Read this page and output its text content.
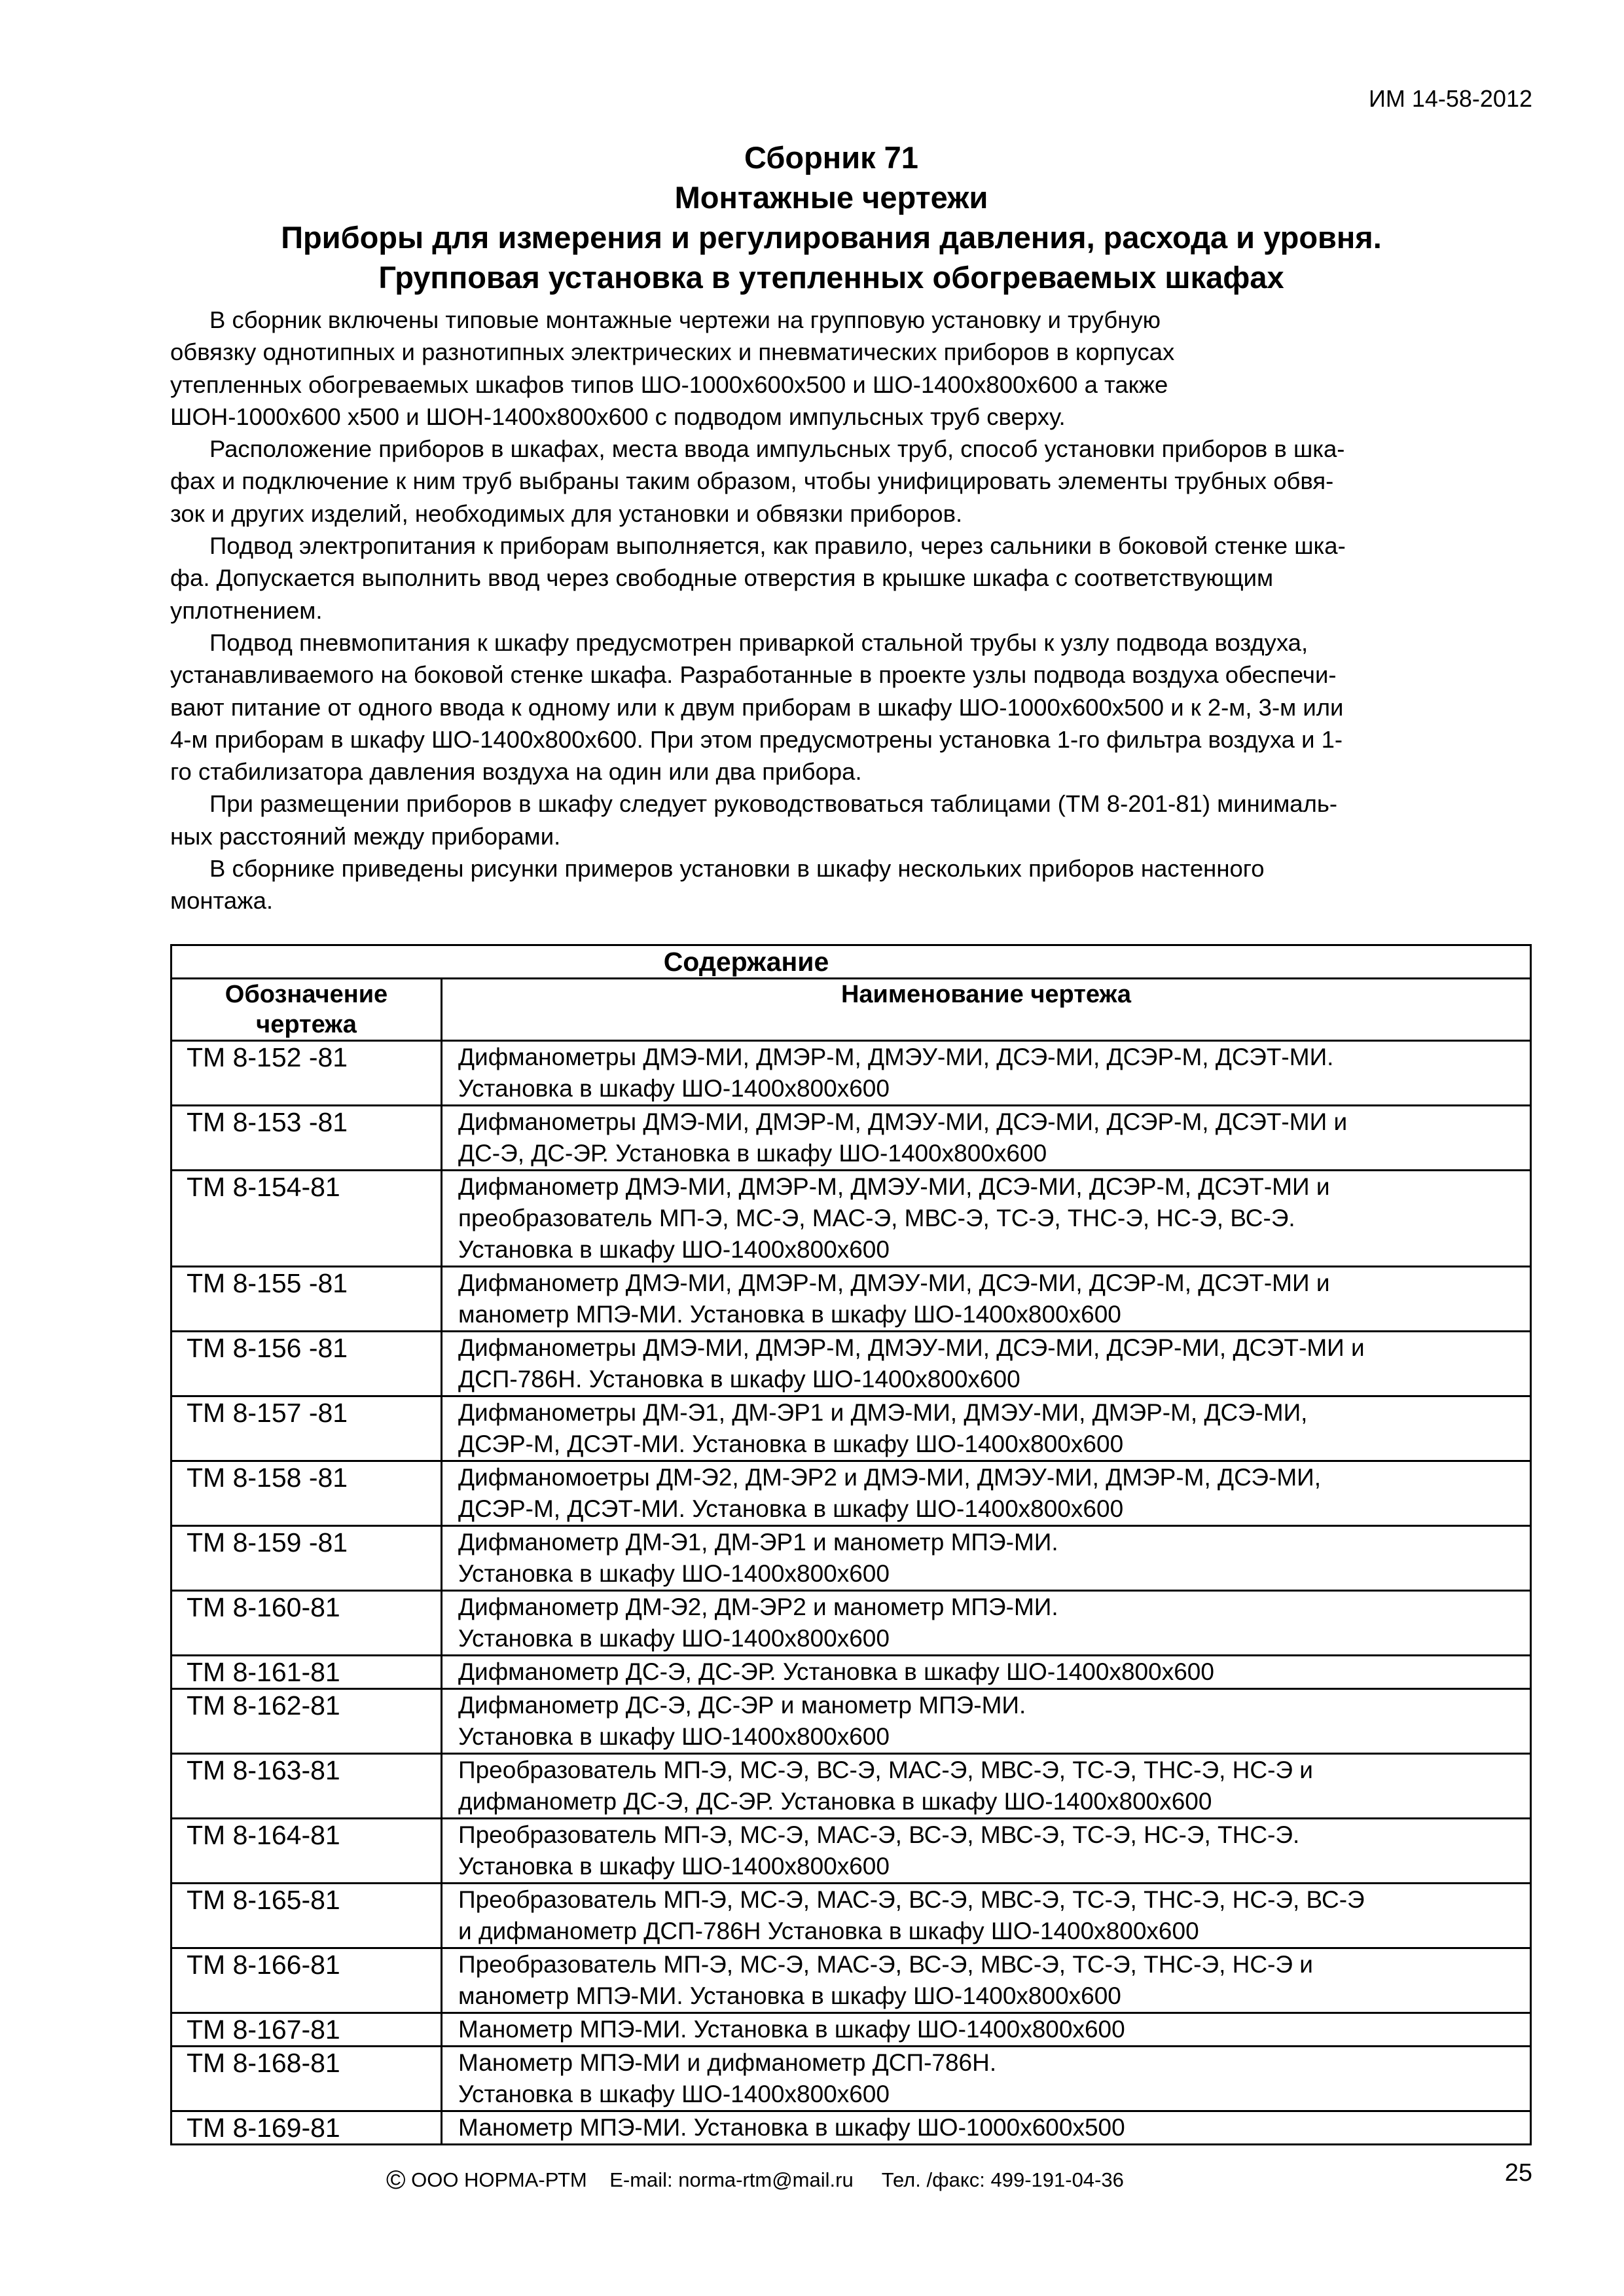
ИМ 14-58-2012
Сборник 71
Монтажные чертежи
Приборы для измерения и регулирования давления, расхода и уровня.
Групповая установка в утепленных обогреваемых шкафах

В сборник включены типовые монтажные чертежи на групповую установку и трубную

обвязку однотипных и разнотипных электрических и пневматических приборов в корпусах

утепленных обогреваемых шкафов типов ШО-1000х600х500 и ШО-1400х800х600 а также

ШОН-1000х600 х500 и ШОН-1400х800х600 с подводом импульсных труб сверху.

Расположение приборов в шкафах, места ввода импульсных труб, способ установки приборов в шка-

фах и подключение к ним труб выбраны таким образом, чтобы унифицировать элементы трубных обвя-

зок и других изделий, необходимых для установки и обвязки приборов.

Подвод электропитания к приборам выполняется, как правило, через сальники в боковой стенке шка-

фа. Допускается выполнить ввод через свободные отверстия в крышке шкафа с соответствующим

уплотнением.

Подвод пневмопитания к шкафу предусмотрен приваркой стальной трубы к узлу подвода воздуха,

устанавливаемого на боковой стенке шкафа. Разработанные в проекте узлы подвода воздуха обеспечи-

вают питание от одного ввода к одному или к двум приборам в шкафу ШО-1000х600х500 и к 2-м, 3-м или

4-м приборам в шкафу ШО-1400х800х600. При этом предусмотрены установка 1-го фильтра воздуха и 1-

го стабилизатора давления воздуха на один или два прибора.

При размещении приборов в шкафу следует руководствоваться таблицами (ТМ 8-201-81) минималь-

ных расстояний между приборами.

В сборнике приведены рисунки примеров установки в шкафу нескольких приборов настенного

монтажа.

Содержание	
Обозначение чертежа	Наименование чертежа
ТМ 8-152 -81	Дифманометры ДМЭ-МИ, ДМЭР-М, ДМЭУ-МИ, ДСЭ-МИ, ДСЭР-М, ДСЭТ-МИ.
Установка в шкафу ШО-1400х800х600

ТМ 8-153 -81	Дифманометры ДМЭ-МИ, ДМЭР-М, ДМЭУ-МИ, ДСЭ-МИ, ДСЭР-М, ДСЭТ-МИ и
ДС-Э, ДС-ЭР. Установка в шкафу ШО-1400х800х600

ТМ 8-154-81	Дифманометр ДМЭ-МИ, ДМЭР-М, ДМЭУ-МИ, ДСЭ-МИ, ДСЭР-М, ДСЭТ-МИ и
преобразователь МП-Э, МС-Э, МАС-Э, МВС-Э, ТС-Э, ТНС-Э, НС-Э, ВС-Э.
Установка в шкафу ШО-1400х800х600

ТМ 8-155 -81	Дифманометр ДМЭ-МИ, ДМЭР-М, ДМЭУ-МИ, ДСЭ-МИ, ДСЭР-М, ДСЭТ-МИ и
манометр МПЭ-МИ. Установка в шкафу ШО-1400х800х600

ТМ 8-156 -81	Дифманометры ДМЭ-МИ, ДМЭР-М, ДМЭУ-МИ, ДСЭ-МИ, ДСЭР-МИ, ДСЭТ-МИ и
ДСП-786Н. Установка в шкафу ШО-1400х800х600

ТМ 8-157 -81	Дифманометры ДМ-Э1, ДМ-ЭР1 и ДМЭ-МИ, ДМЭУ-МИ, ДМЭР-М, ДСЭ-МИ,
ДСЭР-М, ДСЭТ-МИ. Установка в шкафу ШО-1400х800х600

ТМ 8-158 -81	Дифманомоетры ДМ-Э2, ДМ-ЭР2 и ДМЭ-МИ, ДМЭУ-МИ, ДМЭР-М, ДСЭ-МИ,
ДСЭР-М, ДСЭТ-МИ. Установка в шкафу ШО-1400х800х600

ТМ 8-159 -81	Дифманометр ДМ-Э1, ДМ-ЭР1 и манометр МПЭ-МИ.
Установка в шкафу ШО-1400х800х600

ТМ 8-160-81	Дифманометр ДМ-Э2, ДМ-ЭР2 и манометр МПЭ-МИ.
Установка в шкафу ШО-1400х800х600

ТМ 8-161-81	Дифманометр ДС-Э, ДС-ЭР. Установка в шкафу ШО-1400х800х600

ТМ 8-162-81	Дифманометр ДС-Э, ДС-ЭР и манометр МПЭ-МИ.
Установка в шкафу ШО-1400х800х600

ТМ 8-163-81	Преобразователь МП-Э, МС-Э, ВС-Э, МАС-Э, МВС-Э, ТС-Э, ТНС-Э, НС-Э и
дифманометр ДС-Э, ДС-ЭР. Установка в шкафу ШО-1400х800х600

ТМ 8-164-81	Преобразователь МП-Э, МС-Э, МАС-Э, ВС-Э, МВС-Э, ТС-Э, НС-Э, ТНС-Э.
Установка в шкафу ШО-1400х800х600

ТМ 8-165-81	Преобразователь МП-Э, МС-Э, МАС-Э, ВС-Э, МВС-Э, ТС-Э, ТНС-Э, НС-Э, ВС-Э
и дифманометр ДСП-786Н Установка в шкафу ШО-1400х800х600

ТМ 8-166-81	Преобразователь МП-Э, МС-Э, МАС-Э, ВС-Э, МВС-Э, ТС-Э, ТНС-Э, НС-Э и
манометр МПЭ-МИ. Установка в шкафу ШО-1400х800х600

ТМ 8-167-81	Манометр МПЭ-МИ. Установка в шкафу ШО-1400х800х600

ТМ 8-168-81	Манометр МПЭ-МИ и дифманометр ДСП-786Н.
Установка в шкафу ШО-1400х800х600

ТМ 8-169-81	Манометр МПЭ-МИ. Установка в шкафу ШО-1000х600х500
© ООО НОРМА-РТМ    E-mail: norma-rtm@mail.ru     Тел. /факс: 499-191-04-36	25
